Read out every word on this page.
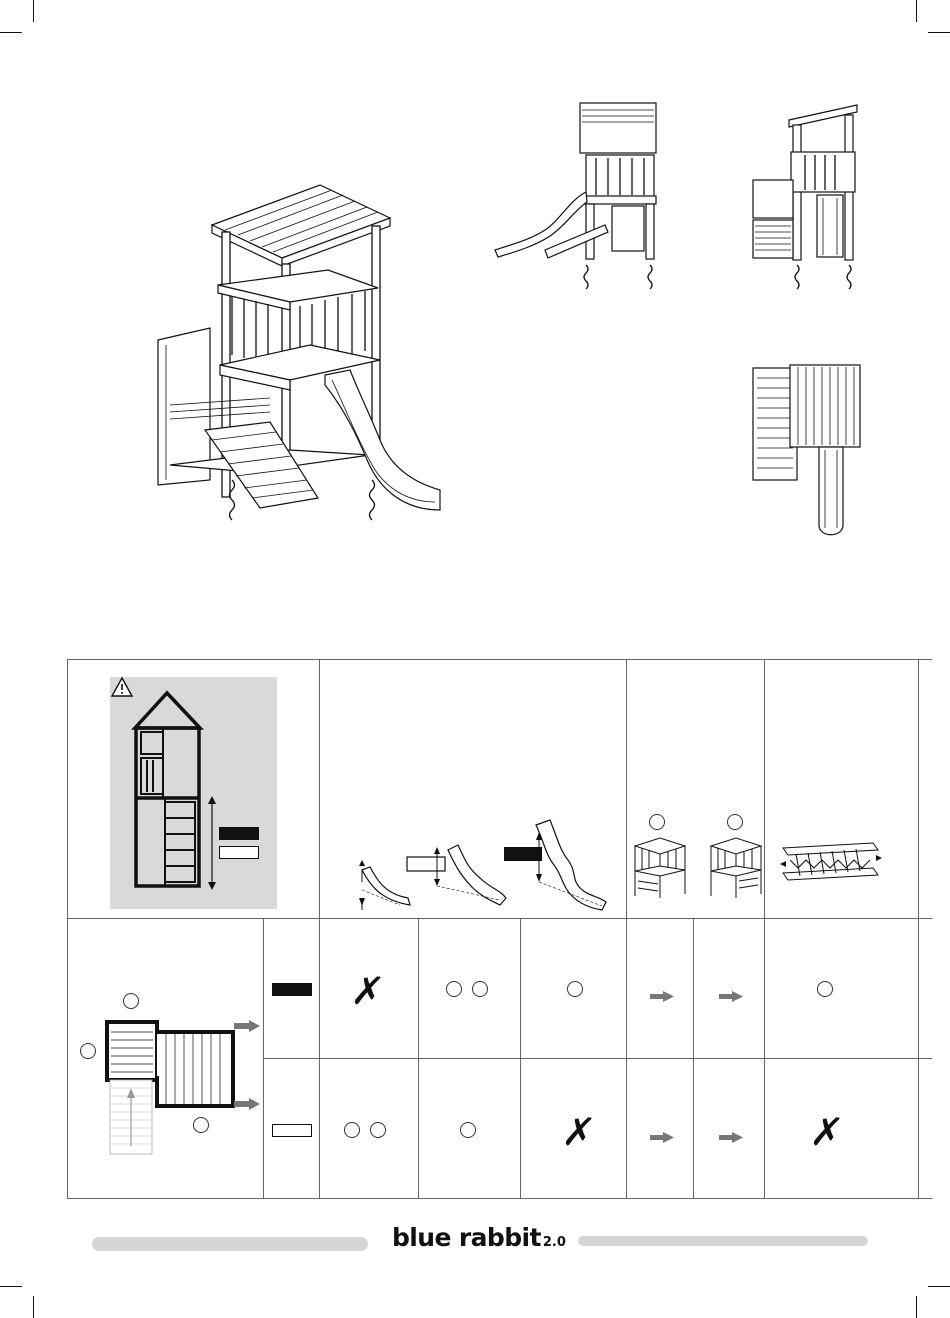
✗
✗	✗
blue rabbit 2.0
